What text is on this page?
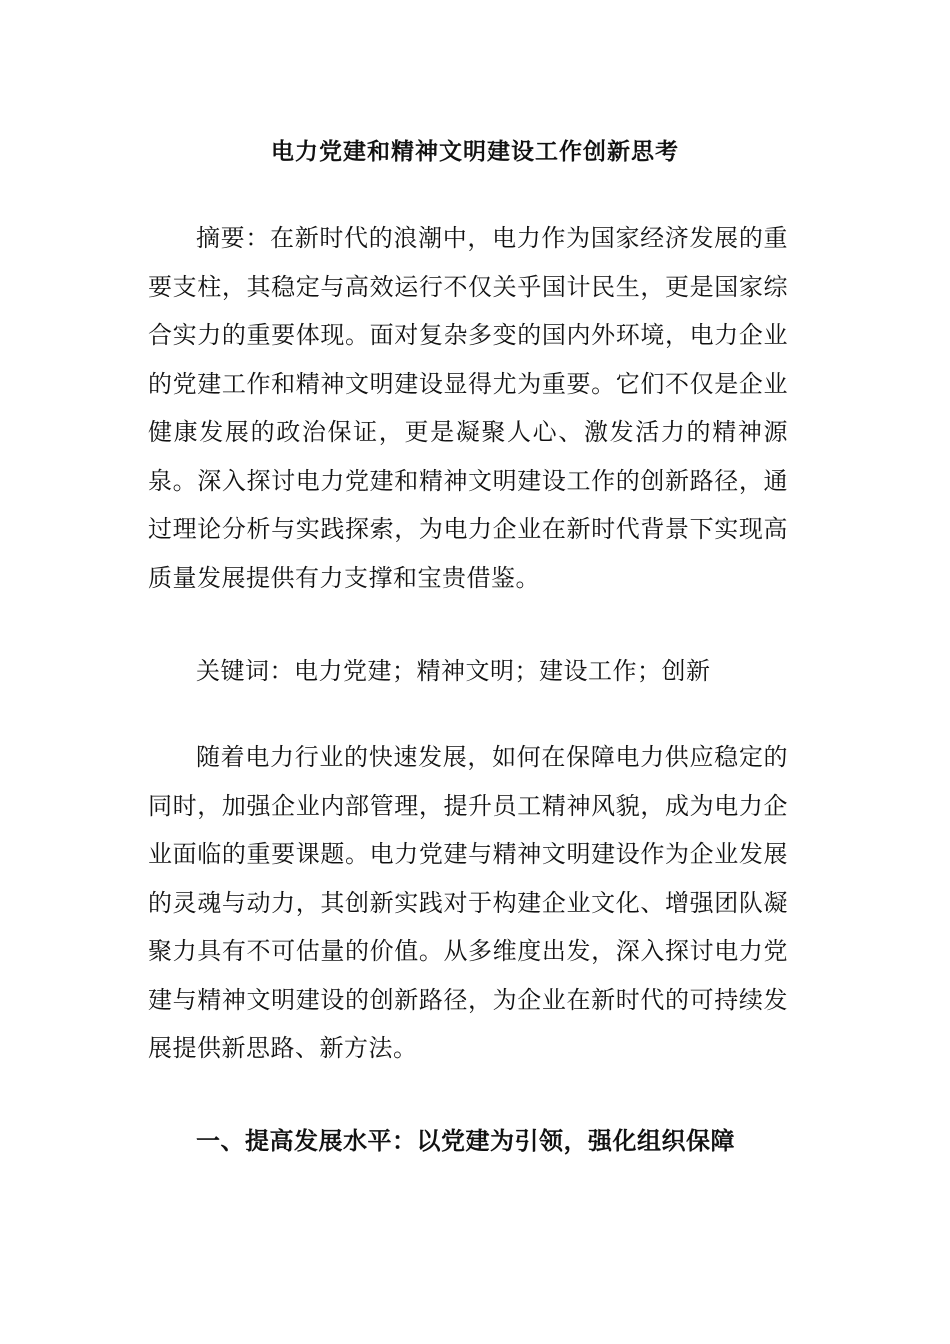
电力党建和精神文明建设工作创新思考

摘要：在新时代的浪潮中，电力作为国家经济发展的重要支柱，其稳定与高效运行不仅关乎国计民生，更是国家综合实力的重要体现。面对复杂多变的国内外环境，电力企业的党建工作和精神文明建设显得尤为重要。它们不仅是企业健康发展的政治保证，更是凝聚人心、激发活力的精神源泉。深入探讨电力党建和精神文明建设工作的创新路径，通过理论分析与实践探索，为电力企业在新时代背景下实现高质量发展提供有力支撑和宝贵借鉴。

关键词：电力党建；精神文明；建设工作；创新

随着电力行业的快速发展，如何在保障电力供应稳定的同时，加强企业内部管理，提升员工精神风貌，成为电力企业面临的重要课题。电力党建与精神文明建设作为企业发展的灵魂与动力，其创新实践对于构建企业文化、增强团队凝聚力具有不可估量的价值。从多维度出发，深入探讨电力党建与精神文明建设的创新路径，为企业在新时代的可持续发展提供新思路、新方法。

一、提高发展水平：以党建为引领，强化组织保障
